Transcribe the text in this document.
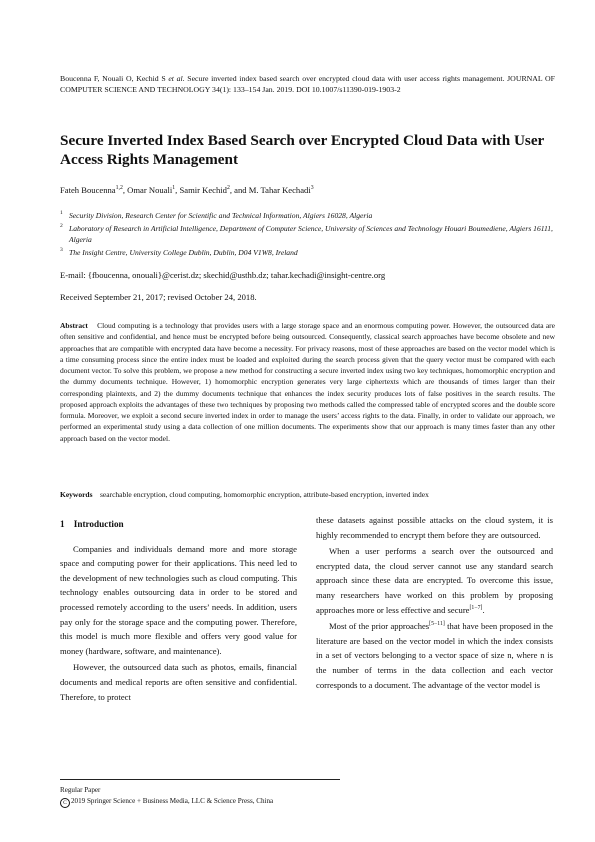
Boucenna F, Nouali O, Kechid S et al. Secure inverted index based search over encrypted cloud data with user access rights management. JOURNAL OF COMPUTER SCIENCE AND TECHNOLOGY 34(1): 133–154 Jan. 2019. DOI 10.1007/s11390-019-1903-2
Secure Inverted Index Based Search over Encrypted Cloud Data with User Access Rights Management
Fateh Boucenna$^{1,2}$, Omar Nouali$^1$, Samir Kechid$^2$, and M. Tahar Kechadi$^3$
1 Security Division, Research Center for Scientific and Technical Information, Algiers 16028, Algeria
2 Laboratory of Research in Artificial Intelligence, Department of Computer Science, University of Sciences and Technology Houari Boumediene, Algiers 16111, Algeria
3 The Insight Centre, University College Dublin, Dublin, D04 V1W8, Ireland
E-mail: {fboucenna, onouali}@cerist.dz; skechid@usthb.dz; tahar.kechadi@insight-centre.org
Received September 21, 2017; revised October 24, 2018.
Abstract Cloud computing is a technology that provides users with a large storage space and an enormous computing power. However, the outsourced data are often sensitive and confidential, and hence must be encrypted before being outsourced. Consequently, classical search approaches have become obsolete and new approaches that are compatible with encrypted data have become a necessity. For privacy reasons, most of these approaches are based on the vector model which is a time consuming process since the entire index must be loaded and exploited during the search process given that the query vector must be compared with each document vector. To solve this problem, we propose a new method for constructing a secure inverted index using two key techniques, homomorphic encryption and the dummy documents technique. However, 1) homomorphic encryption generates very large ciphertexts which are thousands of times larger than their corresponding plaintexts, and 2) the dummy documents technique that enhances the index security produces lots of false positives in the search results. The proposed approach exploits the advantages of these two techniques by proposing two methods called the compressed table of encrypted scores and the double score formula. Moreover, we exploit a second secure inverted index in order to manage the users’ access rights to the data. Finally, in order to validate our approach, we performed an experimental study using a data collection of one million documents. The experiments show that our approach is many times faster than any other approach based on the vector model.
Keywords searchable encryption, cloud computing, homomorphic encryption, attribute-based encryption, inverted index

1 Introduction

Companies and individuals demand more and more storage space and computing power for their applications. This need led to the development of new technologies such as cloud computing. This technology enables outsourcing data in order to be stored and processed remotely according to the users’ needs. In addition, users pay only for the storage space and the computing power. Therefore, this model is much more flexible and offers very good value for money (hardware, software, and maintenance).

However, the outsourced data such as photos, emails, financial documents and medical reports are often sensitive and confidential. Therefore, to protect

these datasets against possible attacks on the cloud system, it is highly recommended to encrypt them before they are outsourced.

When a user performs a search over the outsourced and encrypted data, the cloud server cannot use any standard search approach since these data are encrypted. To overcome this issue, many researchers have worked on this problem by proposing approaches more or less effective and secure[1−7].

Most of the prior approaches[5−11] that have been proposed in the literature are based on the vector model in which the index consists in a set of vectors belonging to a vector space of size n, where n is the number of terms in the data collection and each vector corresponds to a document. The advantage of the vector model is

Regular Paper

C 2019 Springer Science + Business Media, LLC & Science Press, China
